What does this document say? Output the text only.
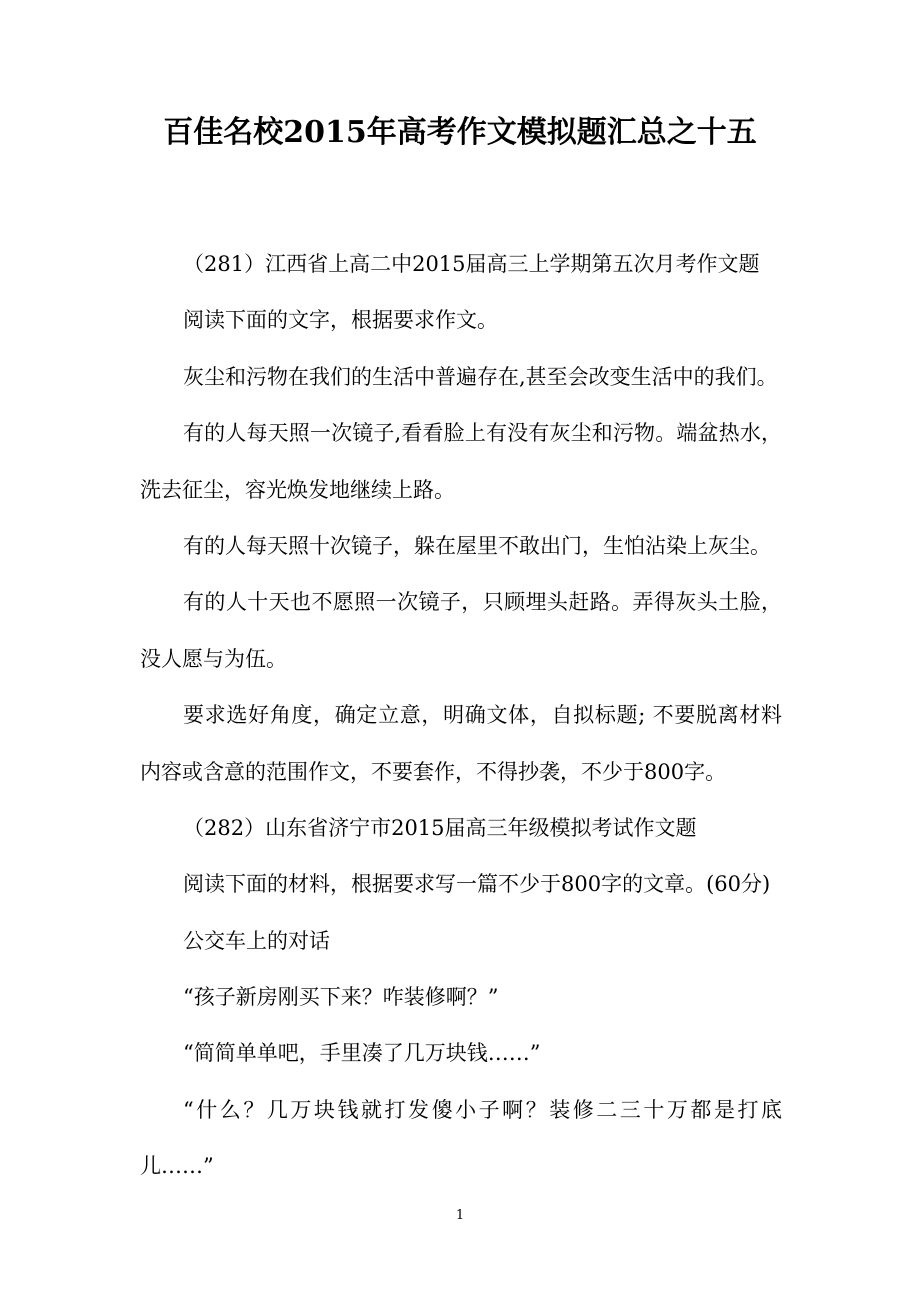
百佳名校2015年高考作文模拟题汇总之十五
（281）江西省上高二中2015届高三上学期第五次月考作文题
阅读下面的文字，根据要求作文。
灰尘和污物在我们的生活中普遍存在,甚至会改变生活中的我们。
有的人每天照一次镜子,看看脸上有没有灰尘和污物。端盆热水，
洗去征尘，容光焕发地继续上路。
有的人每天照十次镜子，躲在屋里不敢出门，生怕沾染上灰尘。
有的人十天也不愿照一次镜子，只顾埋头赶路。弄得灰头土脸，
没人愿与为伍。
要求选好角度，确定立意，明确文体，自拟标题; 不要脱离材料
内容或含意的范围作文，不要套作，不得抄袭，不少于800字。
（282）山东省济宁市2015届高三年级模拟考试作文题
阅读下面的材料，根据要求写一篇不少于800字的文章。(60分)
公交车上的对话
“孩子新房刚买下来？咋装修啊？”
“简简单单吧，手里凑了几万块钱……”
“什么？几万块钱就打发傻小子啊？装修二三十万都是打底
儿……”
1
